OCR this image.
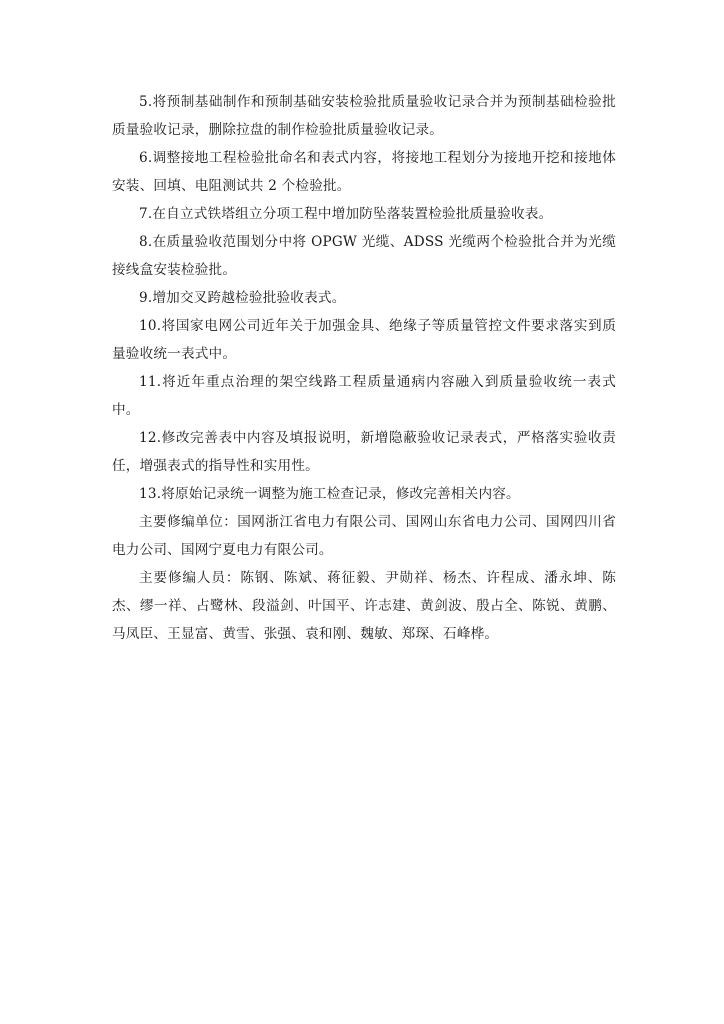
5.将预制基础制作和预制基础安装检验批质量验收记录合并为预制基础检验批质量验收记录，删除拉盘的制作检验批质量验收记录。

6.调整接地工程检验批命名和表式内容，将接地工程划分为接地开挖和接地体安装、回填、电阻测试共 2 个检验批。

7.在自立式铁塔组立分项工程中增加防坠落装置检验批质量验收表。

8.在质量验收范围划分中将 OPGW 光缆、ADSS 光缆两个检验批合并为光缆接线盒安装检验批。

9.增加交叉跨越检验批验收表式。

10.将国家电网公司近年关于加强金具、绝缘子等质量管控文件要求落实到质量验收统一表式中。

11.将近年重点治理的架空线路工程质量通病内容融入到质量验收统一表式中。

12.修改完善表中内容及填报说明，新增隐蔽验收记录表式，严格落实验收责任，增强表式的指导性和实用性。

13.将原始记录统一调整为施工检查记录，修改完善相关内容。

主要修编单位：国网浙江省电力有限公司、国网山东省电力公司、国网四川省电力公司、国网宁夏电力有限公司。

主要修编人员：陈钢、陈斌、蒋征毅、尹勋祥、杨杰、许程成、潘永坤、陈杰、缪一祥、占鹭林、段溢剑、叶国平、许志建、黄剑波、殷占全、陈锐、黄鹏、马凤臣、王显富、黄雪、张强、袁和刚、魏敏、郑琛、石峰桦。
